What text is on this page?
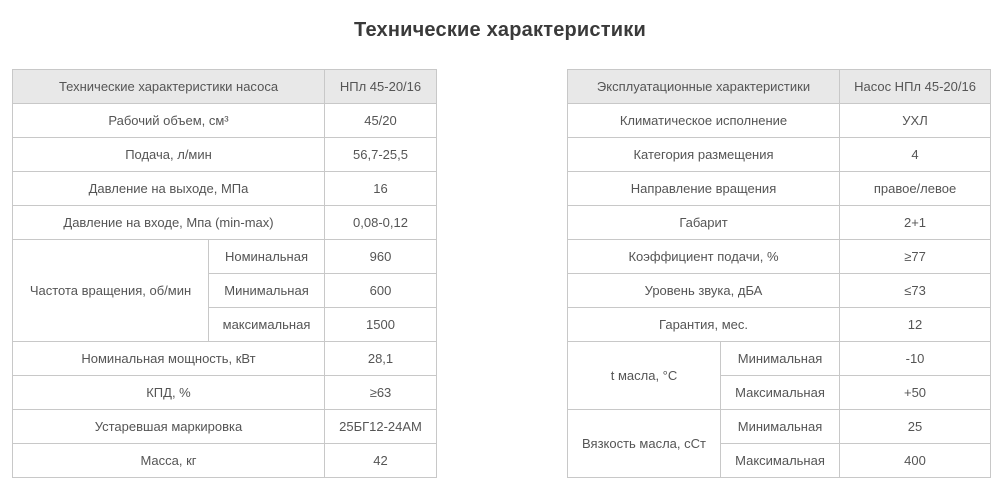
Технические характеристики
Технические характеристики насоса		НПл 45-20/16
Рабочий объем, см³		45/20
Подача, л/мин		56,7-25,5
Давление на выходе, МПа		16
Давление на входе, Мпа (min-max)		0,08-0,12
Частота вращения, об/мин	Номинальная	960
	Минимальная	600
	максимальная	1500
Номинальная мощность, кВт		28,1
КПД, %		≥63
Устаревшая маркировка		25БГ12-24АМ
Масса, кг		42
Эксплуатационные характеристики		Насос НПл 45-20/16
Климатическое исполнение		УХЛ
Категория размещения		4
Направление вращения		правое/левое
Габарит		2+1
Коэффициент подачи, %		≥77
Уровень звука, дБА		≤73
Гарантия, мес.		12
t масла, °С	Минимальная	-10
	Максимальная	+50
Вязкость масла, сСт	Минимальная	25
	Максимальная	400
